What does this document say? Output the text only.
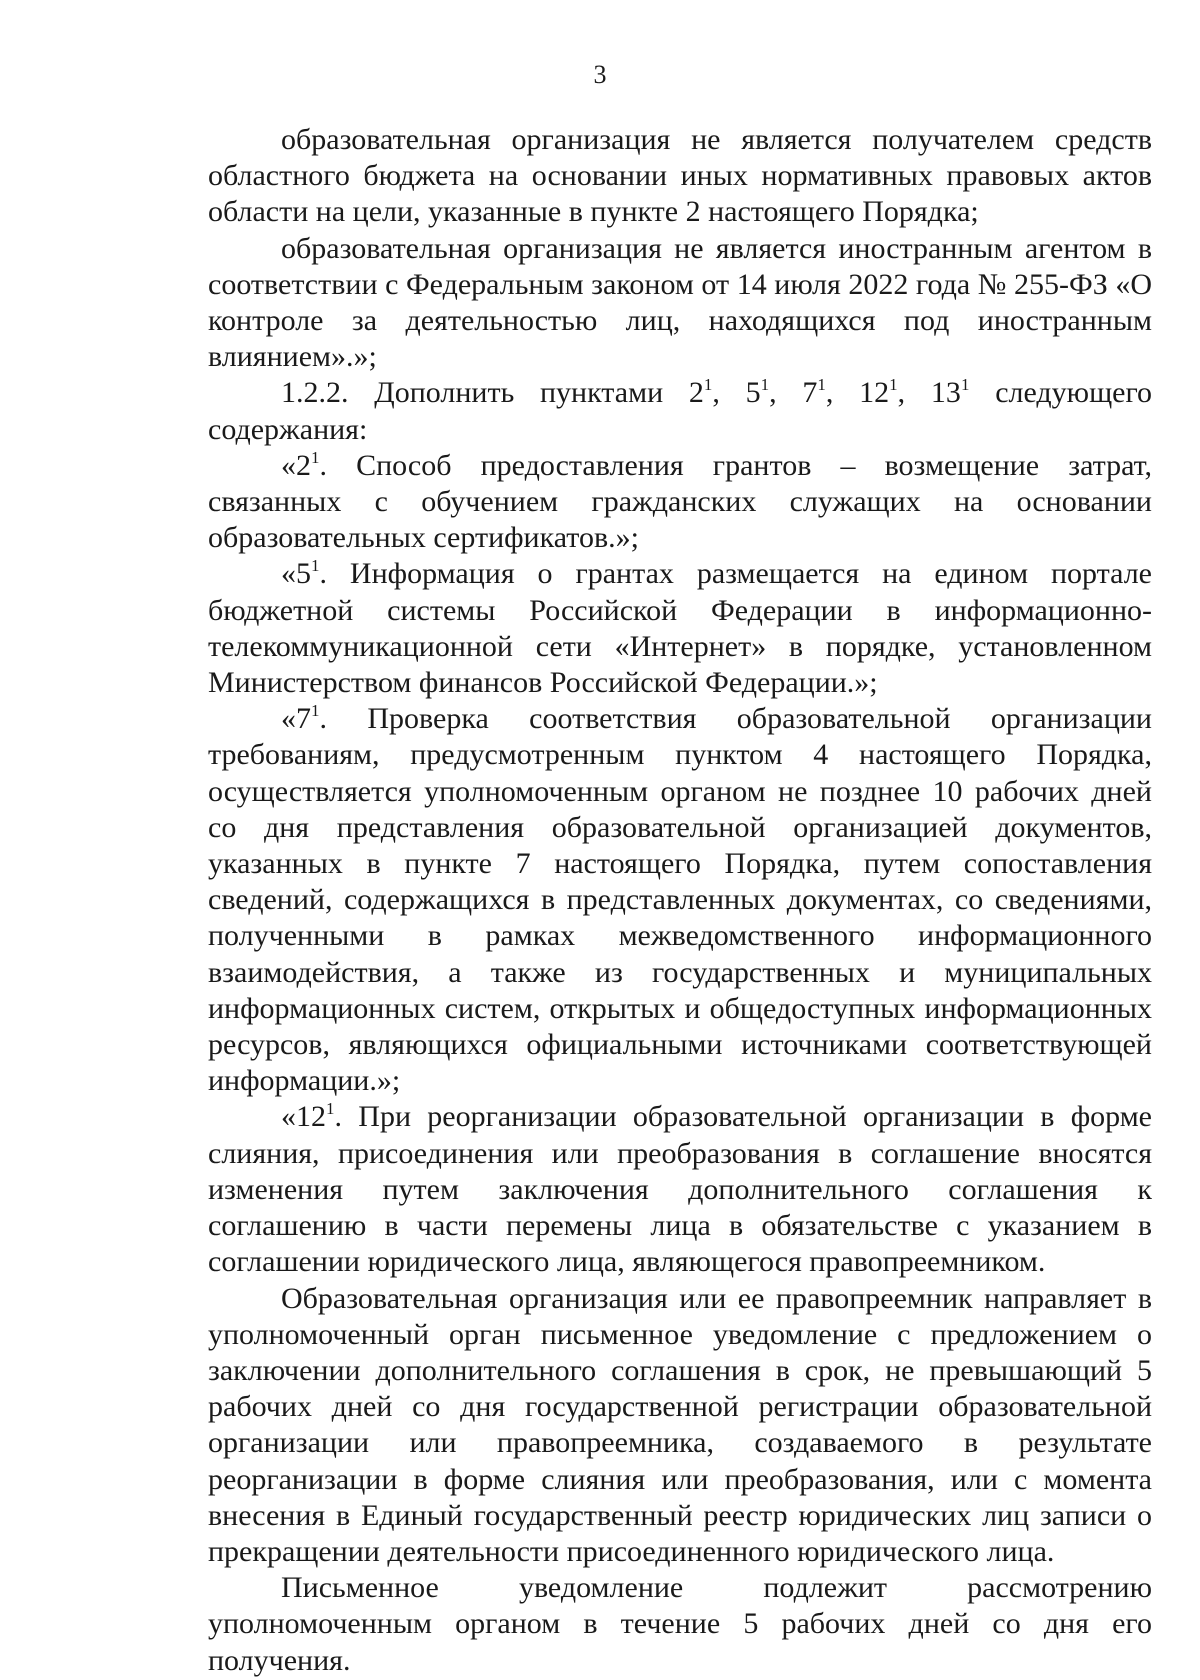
3

образовательная организация не является получателем средств областного бюджета на основании иных нормативных правовых актов области на цели, указанные в пункте 2 настоящего Порядка;

образовательная организация не является иностранным агентом в соответствии с Федеральным законом от 14 июля 2022 года № 255-ФЗ «О контроле за деятельностью лиц, находящихся под иностранным влиянием».»;

1.2.2. Дополнить пунктами $2^1$, $5^1$, $7^1$, $12^1$, $13^1$ следующего содержания:

«$2^1$. Способ предоставления грантов – возмещение затрат, связанных с обучением гражданских служащих на основании образовательных сертификатов.»;

«$5^1$. Информация о грантах размещается на едином портале бюджетной системы Российской Федерации в информационно-телекоммуникационной сети «Интернет» в порядке, установленном Министерством финансов Российской Федерации.»;

«$7^1$. Проверка соответствия образовательной организации требованиям, предусмотренным пунктом 4 настоящего Порядка, осуществляется уполномоченным органом не позднее 10 рабочих дней со дня представления образовательной организацией документов, указанных в пункте 7 настоящего Порядка, путем сопоставления сведений, содержащихся в представленных документах, со сведениями, полученными в рамках межведомственного информационного взаимодействия, а также из государственных и муниципальных информационных систем, открытых и общедоступных информационных ресурсов, являющихся официальными источниками соответствующей информации.»;

«$12^1$. При реорганизации образовательной организации в форме слияния, присоединения или преобразования в соглашение вносятся изменения путем заключения дополнительного соглашения к соглашению в части перемены лица в обязательстве с указанием в соглашении юридического лица, являющегося правопреемником.

Образовательная организация или ее правопреемник направляет в уполномоченный орган письменное уведомление с предложением о заключении дополнительного соглашения в срок, не превышающий 5 рабочих дней со дня государственной регистрации образовательной организации или правопреемника, создаваемого в результате реорганизации в форме слияния или преобразования, или с момента внесения в Единый государственный реестр юридических лиц записи о прекращении деятельности присоединенного юридического лица.

Письменное уведомление подлежит рассмотрению уполномоченным органом в течение 5 рабочих дней со дня его получения.
